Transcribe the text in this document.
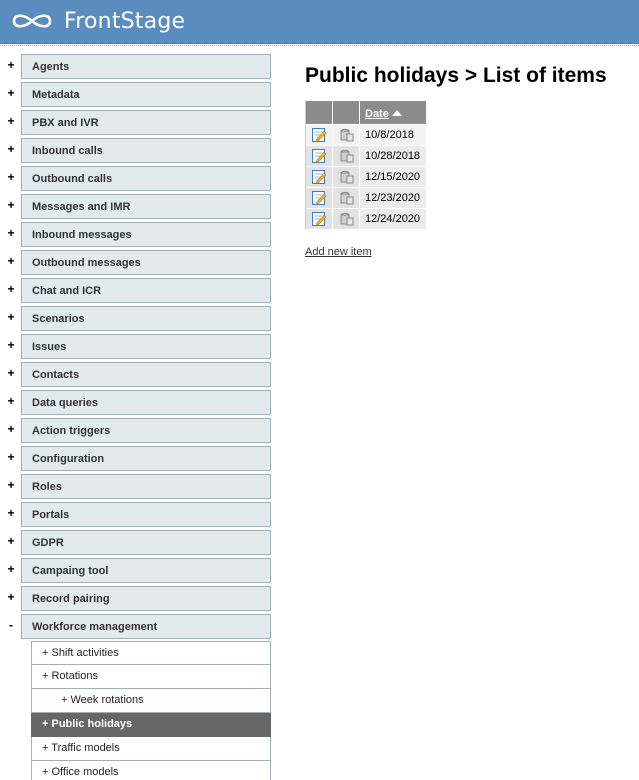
FrontStage
+	Agents
+	Metadata
+	PBX and IVR
+	Inbound calls
+	Outbound calls
+	Messages and IMR
+	Inbound messages
+	Outbound messages
+	Chat and ICR
+	Scenarios
+	Issues
+	Contacts
+	Data queries
+	Action triggers
+	Configuration
+	Roles
+	Portals
+	GDPR
+	Campaing tool
+	Record pairing
-	Workforce management
+ Shift activities
+ Rotations
+ Week rotations
+ Public holidays
+ Traffic models
+ Office models
Public holidays > List of items
		Date
		10/8/2018
		10/28/2018
		12/15/2020
		12/23/2020
		12/24/2020
Add new item
